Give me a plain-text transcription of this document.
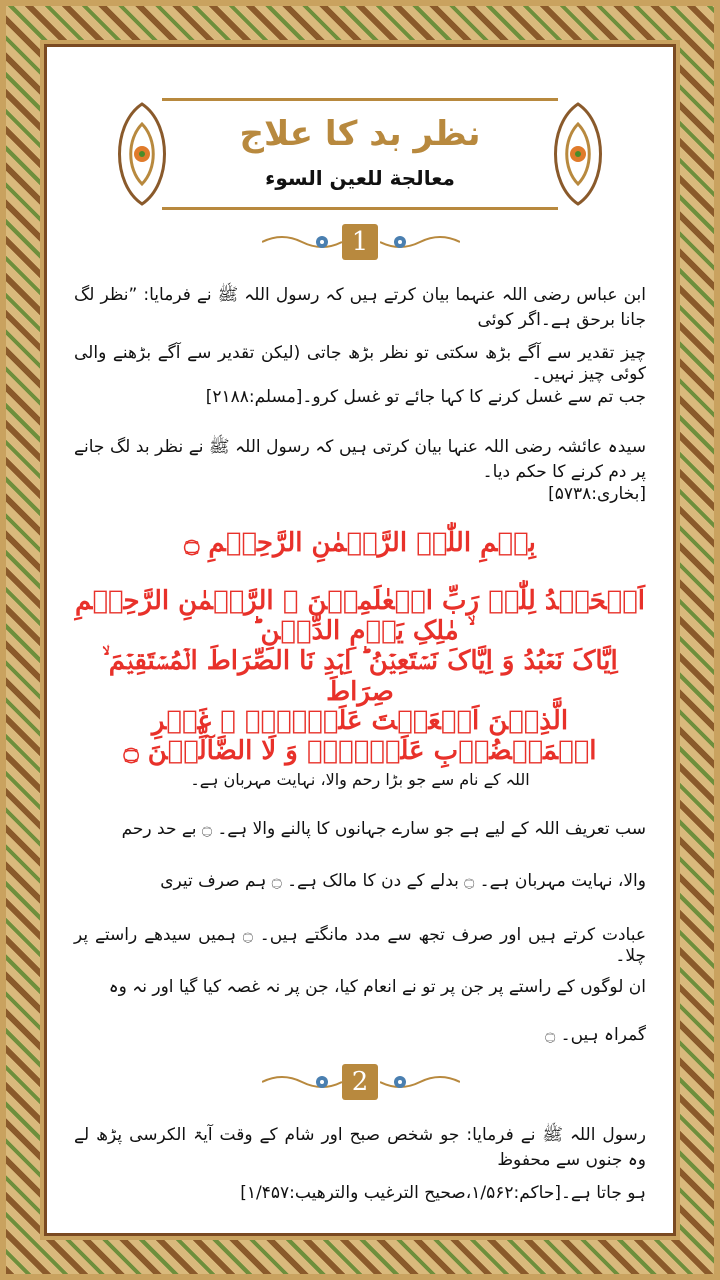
نظر بد کا علاج
معالجة للعين السوء
1
ابن عباس رضی اللہ عنہما بیان کرتے ہیں کہ رسول اللہ ﷺ نے فرمایا: ”نظر لگ جانا برحق ہے۔اگر کوئی
چیز تقدیر سے آگے بڑھ سکتی تو نظر بڑھ جاتی (لیکن تقدیر سے آگے بڑھنے والی کوئی چیز نہیں۔
جب تم سے غسل کرنے کا کہا جائے تو غسل کرو۔[مسلم:۲۱۸۸]
سیدہ عائشہ رضی اللہ عنہا بیان کرتی ہیں کہ رسول اللہ ﷺ نے نظر بد لگ جانے پر دم کرنے کا حکم دیا۔
[بخاری:۵۷۳۸]
بِسۡمِ اللّٰہِ الرَّحۡمٰنِ الرَّحِیۡمِ ۝
اَلۡحَمۡدُ لِلّٰہِ رَبِّ الۡعٰلَمِیۡنَ ۙ الرَّحۡمٰنِ الرَّحِیۡمِ ۙ مٰلِکِ یَوۡمِ الدِّیۡنِ ؕ
اِیَّاکَ نَعۡبُدُ وَ اِیَّاکَ نَسۡتَعِیۡنُ ؕ اِہۡدِ نَا الصِّرَاطَ الۡمُسۡتَقِیۡمَ ۙ صِرَاطَ
الَّذِیۡنَ اَنۡعَمۡتَ عَلَیۡہِمۡ ۬ غَیۡرِ الۡمَغۡضُوۡبِ عَلَیۡہِمۡ وَ لَا الضَّآلِّیۡنَ ۝
اللہ کے نام سے جو بڑا رحم والا، نہایت مہربان ہے۔
سب تعریف اللہ کے لیے ہے جو سارے جہانوں کا پالنے والا ہے۔ ۝ بے حد رحم
والا، نہایت مہربان ہے۔ ۝ بدلے کے دن کا مالک ہے۔ ۝ ہم صرف تیری
عبادت کرتے ہیں اور صرف تجھ سے مدد مانگتے ہیں۔ ۝ ہمیں سیدھے راستے پر چلا۔
ان لوگوں کے راستے پر جن پر تو نے انعام کیا، جن پر نہ غصہ کیا گیا اور نہ وہ
گمراہ ہیں۔ ۝
2
رسول اللہ ﷺ نے فرمایا: جو شخص صبح اور شام کے وقت آیۃ الکرسی پڑھ لے وہ جنوں سے محفوظ
ہو جاتا ہے۔[حاکم:۱/۵۶۲،صحیح الترغیب والترھیب:۱/۴۵۷]
